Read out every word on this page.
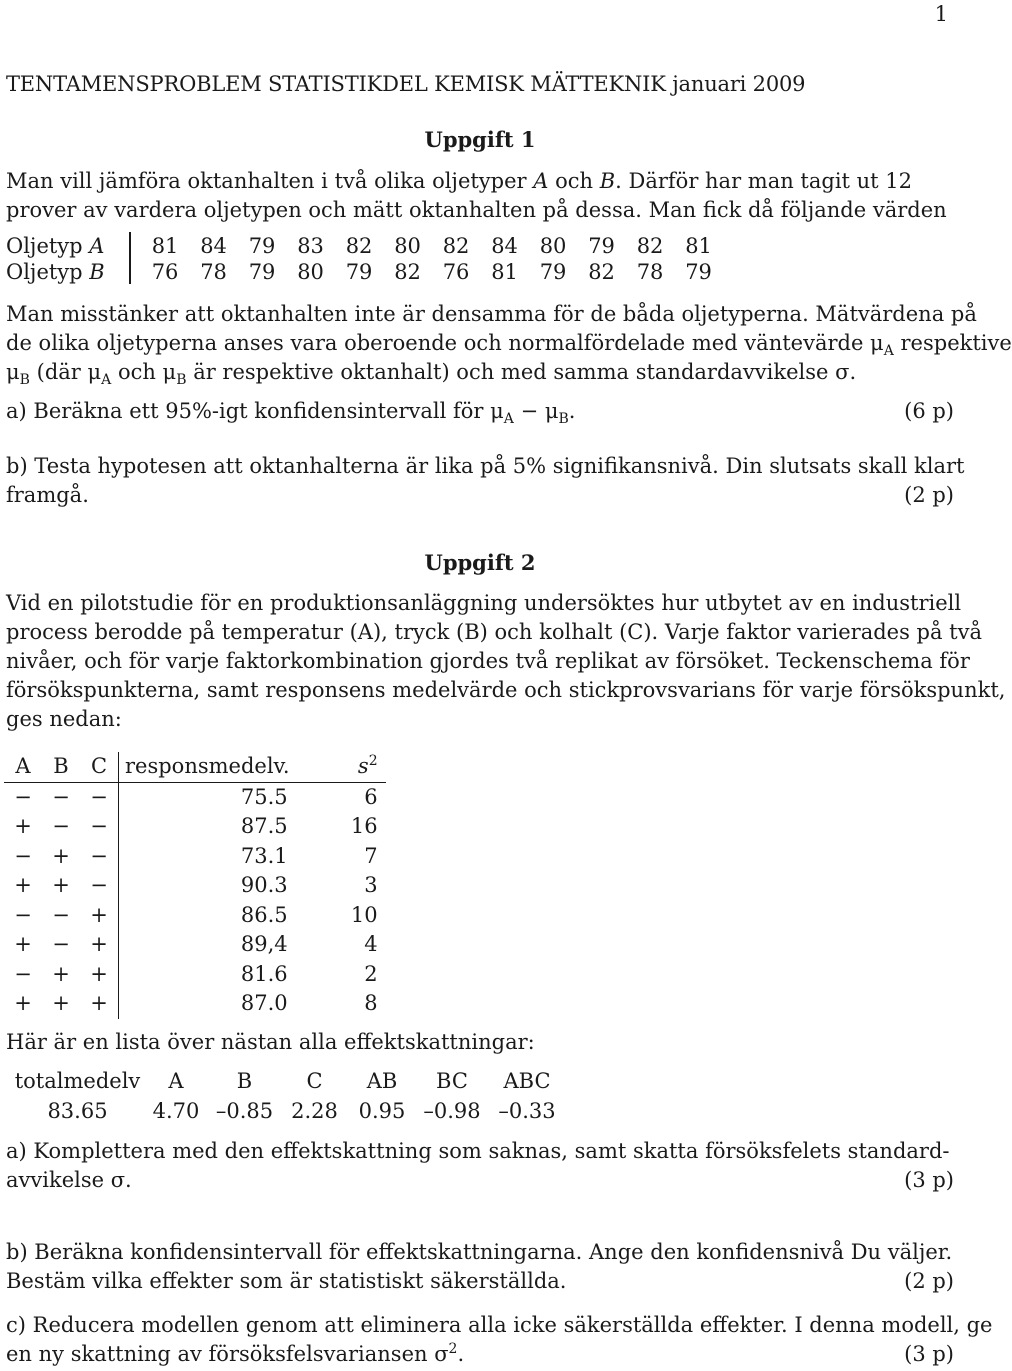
1
TENTAMENSPROBLEM STATISTIKDEL KEMISK MÄTTEKNIK januari 2009
Uppgift 1
Man vill jämföra oktanhalten i två olika oljetyper A och B. Därför har man tagit ut 12
prover av vardera oljetypen och mätt oktanhalten på dessa. Man fick då följande värden
Oljetyp A 81 84 79 83 82 80 82 84 80 79 82 81
Oljetyp B 76 78 79 80 79 82 76 81 79 82 78 79
Man misstänker att oktanhalten inte är densamma för de båda oljetyperna. Mätvärdena på
de olika oljetyperna anses vara oberoende och normalfördelade med väntevärde $\mu_A$ respektive
$\mu_B$ (där $\mu_A$ och $\mu_B$ är respektive oktanhalt) och med samma standardavvikelse σ.
a) Beräkna ett 95%-igt konfidensintervall för $\mu_A - \mu_B$.	(6 p)
b) Testa hypotesen att oktanhalterna är lika på 5% signifikansnivå. Din slutsats skall klart
framgå.	(2 p)
Uppgift 2
Vid en pilotstudie för en produktionsanläggning undersöktes hur utbytet av en industriell
process berodde på temperatur (A), tryck (B) och kolhalt (C). Varje faktor varierades på två
nivåer, och för varje faktorkombination gjordes två replikat av försöket. Teckenschema för
försökspunkterna, samt responsens medelvärde och stickprovsvarians för varje försökspunkt,
ges nedan:
A	B	C	responsmedelv.	$s^2$
−	−	−	75.5	6
+	−	−	87.5	16
−	+	−	73.1	7
+	+	−	90.3	3
−	−	+	86.5	10
+	−	+	89,4	4
−	+	+	81.6	2
+	+	+	87.0	8
Här är en lista över nästan alla effektskattningar:
totalmedelv	A	B	C	AB	BC	ABC
83.65	4.70	–0.85	2.28	0.95	–0.98	–0.33
a) Komplettera med den effektskattning som saknas, samt skatta försöksfelets standard-
avvikelse σ.	(3 p)
b) Beräkna konfidensintervall för effektskattningarna. Ange den konfidensnivå Du väljer.
Bestäm vilka effekter som är statistiskt säkerställda.	(2 p)
c) Reducera modellen genom att eliminera alla icke säkerställda effekter. I denna modell, ge
en ny skattning av försöksfelsvariansen $\sigma^2$.	(3 p)
